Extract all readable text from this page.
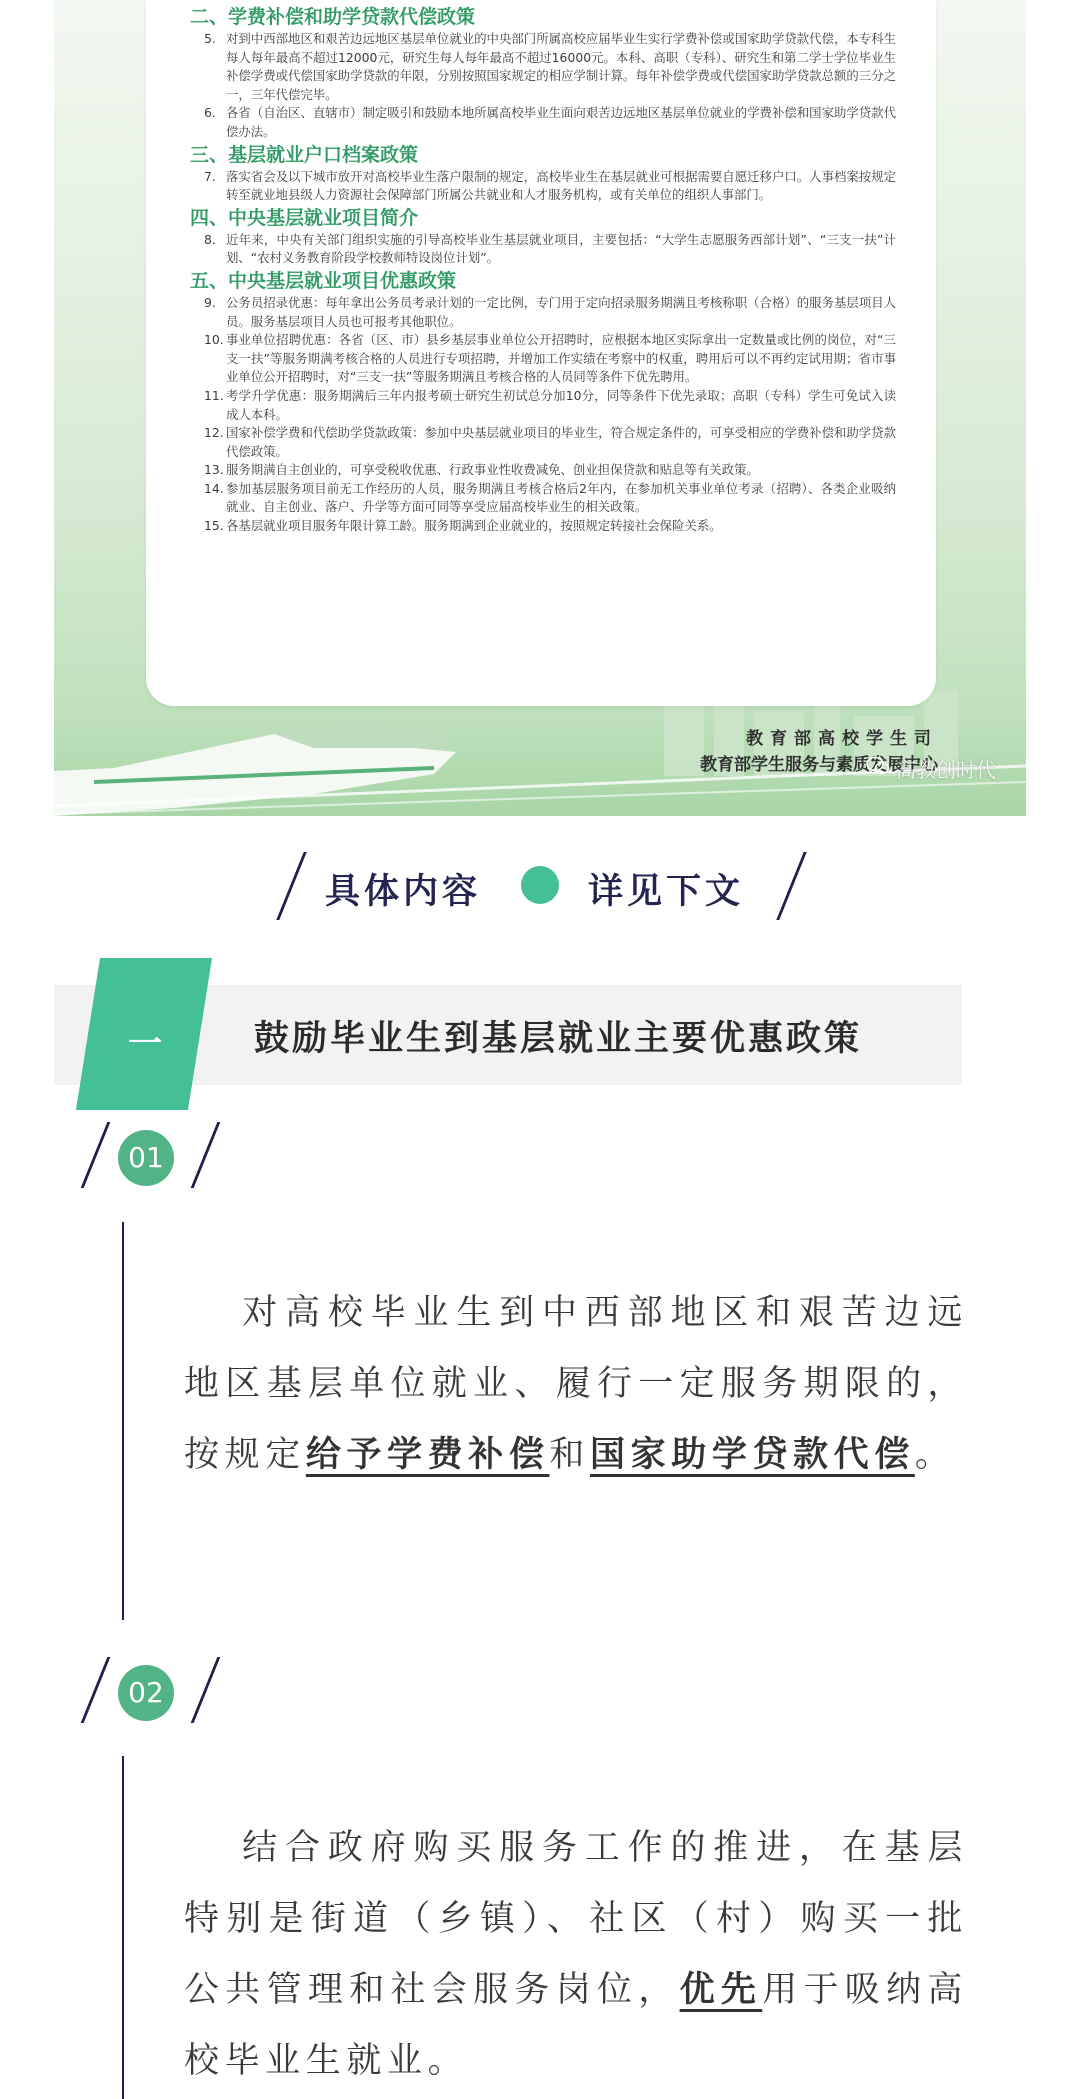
二、学费补偿和助学贷款代偿政策
5. 对到中西部地区和艰苦边远地区基层单位就业的中央部门所属高校应届毕业生实行学费补偿或国家助学贷款代偿，本专科生每人每年最高不超过12000元，研究生每人每年最高不超过16000元。本科、高职（专科）、研究生和第二学士学位毕业生补偿学费或代偿国家助学贷款的年限，分别按照国家规定的相应学制计算。每年补偿学费或代偿国家助学贷款总额的三分之一，三年代偿完毕。
6. 各省（自治区、直辖市）制定吸引和鼓励本地所属高校毕业生面向艰苦边远地区基层单位就业的学费补偿和国家助学贷款代偿办法。
三、基层就业户口档案政策
7. 落实省会及以下城市放开对高校毕业生落户限制的规定，高校毕业生在基层就业可根据需要自愿迁移户口。人事档案按规定转至就业地县级人力资源社会保障部门所属公共就业和人才服务机构，或有关单位的组织人事部门。
四、中央基层就业项目简介
8. 近年来，中央有关部门组织实施的引导高校毕业生基层就业项目，主要包括：“大学生志愿服务西部计划”、“三支一扶”计划、“农村义务教育阶段学校教师特设岗位计划”。
五、中央基层就业项目优惠政策
9. 公务员招录优惠：每年拿出公务员考录计划的一定比例，专门用于定向招录服务期满且考核称职（合格）的服务基层项目人员。服务基层项目人员也可报考其他职位。
10. 事业单位招聘优惠：各省（区、市）县乡基层事业单位公开招聘时，应根据本地区实际拿出一定数量或比例的岗位，对“三支一扶”等服务期满考核合格的人员进行专项招聘，并增加工作实绩在考察中的权重，聘用后可以不再约定试用期；省市事业单位公开招聘时，对“三支一扶”等服务期满且考核合格的人员同等条件下优先聘用。
11. 考学升学优惠：服务期满后三年内报考硕士研究生初试总分加10分，同等条件下优先录取；高职（专科）学生可免试入读成人本科。
12. 国家补偿学费和代偿助学贷款政策：参加中央基层就业项目的毕业生，符合规定条件的，可享受相应的学费补偿和助学贷款代偿政策。
13. 服务期满自主创业的，可享受税收优惠、行政事业性收费减免、创业担保贷款和贴息等有关政策。
14. 参加基层服务项目前无工作经历的人员，服务期满且考核合格后2年内，在参加机关事业单位考录（招聘）、各类企业吸纳就业、自主创业、落户、升学等方面可同等享受应届高校毕业生的相关政策。
15. 各基层就业项目服务年限计算工龄。服务期满到企业就业的，按照规定转接社会保险关系。
教育部高校学生司
教育部学生服务与素质发展中心
高教创时代
具体内容	详见下文
一	鼓励毕业生到基层就业主要优惠政策
01
对高校毕业生到中西部地区和艰苦边远地区基层单位就业、履行一定服务期限的，按规定给予学费补偿和国家助学贷款代偿。
02
结合政府购买服务工作的推进，在基层特别是街道（乡镇）、社区（村）购买一批公共管理和社会服务岗位，优先用于吸纳高校毕业生就业。
